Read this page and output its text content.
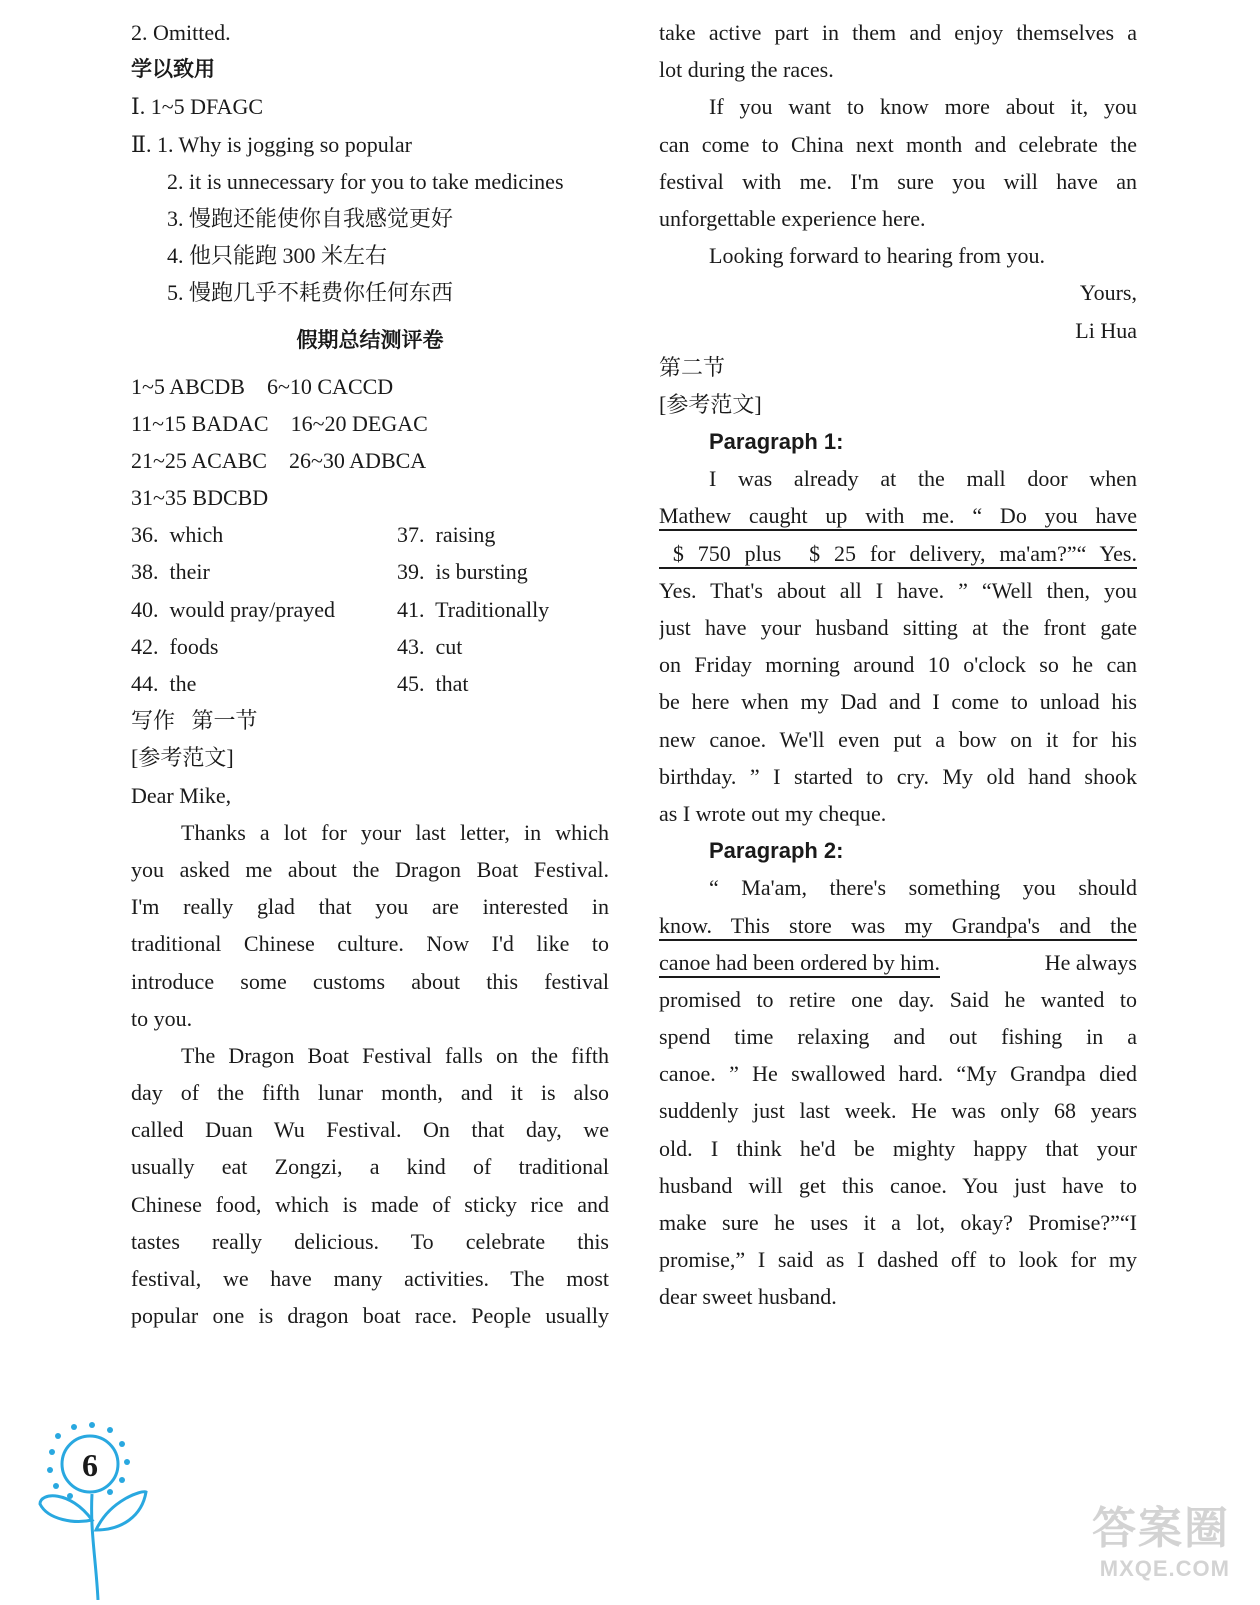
2. Omitted.
学以致用
Ⅰ. 1~5 DFAGC
Ⅱ. 1. Why is jogging so popular
2. it is unnecessary for you to take medicines
3. 慢跑还能使你自我感觉更好
4. 他只能跑 300 米左右
5. 慢跑几乎不耗费你任何东西
假期总结测评卷
1~5 ABCDB    6~10 CACCD
11~15 BADAC    16~20 DEGAC
21~25 ACABC    26~30 ADBCA
31~35 BDCBD
36.  which	37.  raising
38.  their	39.  is bursting
40.  would pray/prayed	41.  Traditionally
42.  foods	43.  cut
44.  the	45.  that
写作   第一节
[参考范文]
Dear Mike,
Thanks a lot for your last letter, in which
you asked me about the Dragon Boat Festival.
I'm really glad that you are interested in
traditional Chinese culture. Now I'd like to
introduce some customs about this festival
to you.
The Dragon Boat Festival falls on the fifth
day of the fifth lunar month, and it is also
called Duan Wu Festival. On that day, we
usually eat Zongzi, a kind of traditional
Chinese food, which is made of sticky rice and
tastes really delicious. To celebrate this
festival, we have many activities. The most
popular one is dragon boat race. People usually
take active part in them and enjoy themselves a
lot during the races.
If you want to know more about it, you
can come to China next month and celebrate the
festival with me. I'm sure you will have an
unforgettable experience here.
Looking forward to hearing from you.
Yours,
Li Hua
第二节
[参考范文]
Paragraph 1:
I was already at the mall door when
Mathew caught up with me. “ Do you have
$ 750 plus  $ 25 for delivery, ma'am?”“ Yes.
Yes. That's about all I have. ” “Well then, you
just have your husband sitting at the front gate
on Friday morning around 10 o'clock so he can
be here when my Dad and I come to unload his
new canoe. We'll even put a bow on it for his
birthday. ” I started to cry. My old hand shook
as I wrote out my cheque.
Paragraph 2:
“ Ma'am, there's something you should
know. This store was my Grandpa's and the
canoe had been ordered by him.	He always
promised to retire one day. Said he wanted to
spend time relaxing and out fishing in a
canoe. ” He swallowed hard. “My Grandpa died
suddenly just last week. He was only 68 years
old. I think he'd be mighty happy that your
husband will get this canoe. You just have to
make sure he uses it a lot, okay? Promise?”“I
promise,” I said as I dashed off to look for my
dear sweet husband.
6
答案圈
MXQE.COM
